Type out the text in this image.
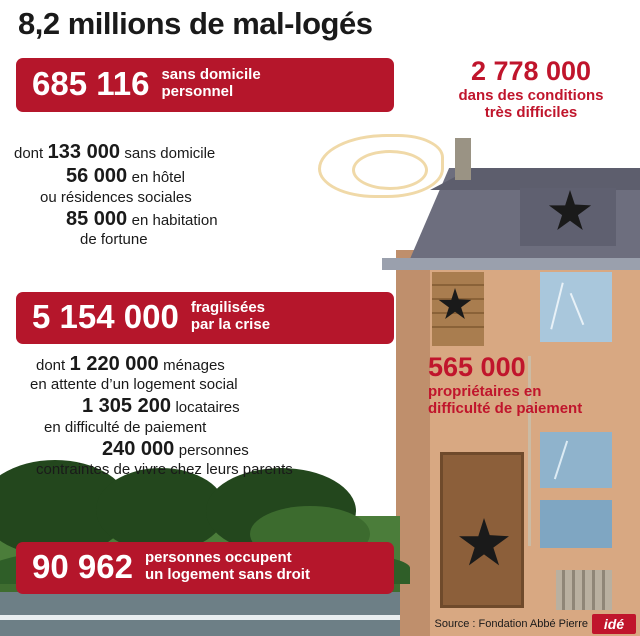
8,2 millions de mal-logés
685 116 sans domicile
personnel
dont 133 000 sans domicile
56 000 en hôtel
ou résidences sociales
85 000 en habitation
de fortune
5 154 000 fragilisées
par la crise
dont 1 220 000 ménages
en attente d’un logement social
1 305 200 locataires
en difficulté de paiement
240 000 personnes
contraintes de vivre chez leurs parents
90 962 personnes occupent
un logement sans droit
2 778 000
dans des conditions
très difficiles
565 000
propriétaires en
difficulté de paiement
Source : Fondation Abbé Pierre	idé
